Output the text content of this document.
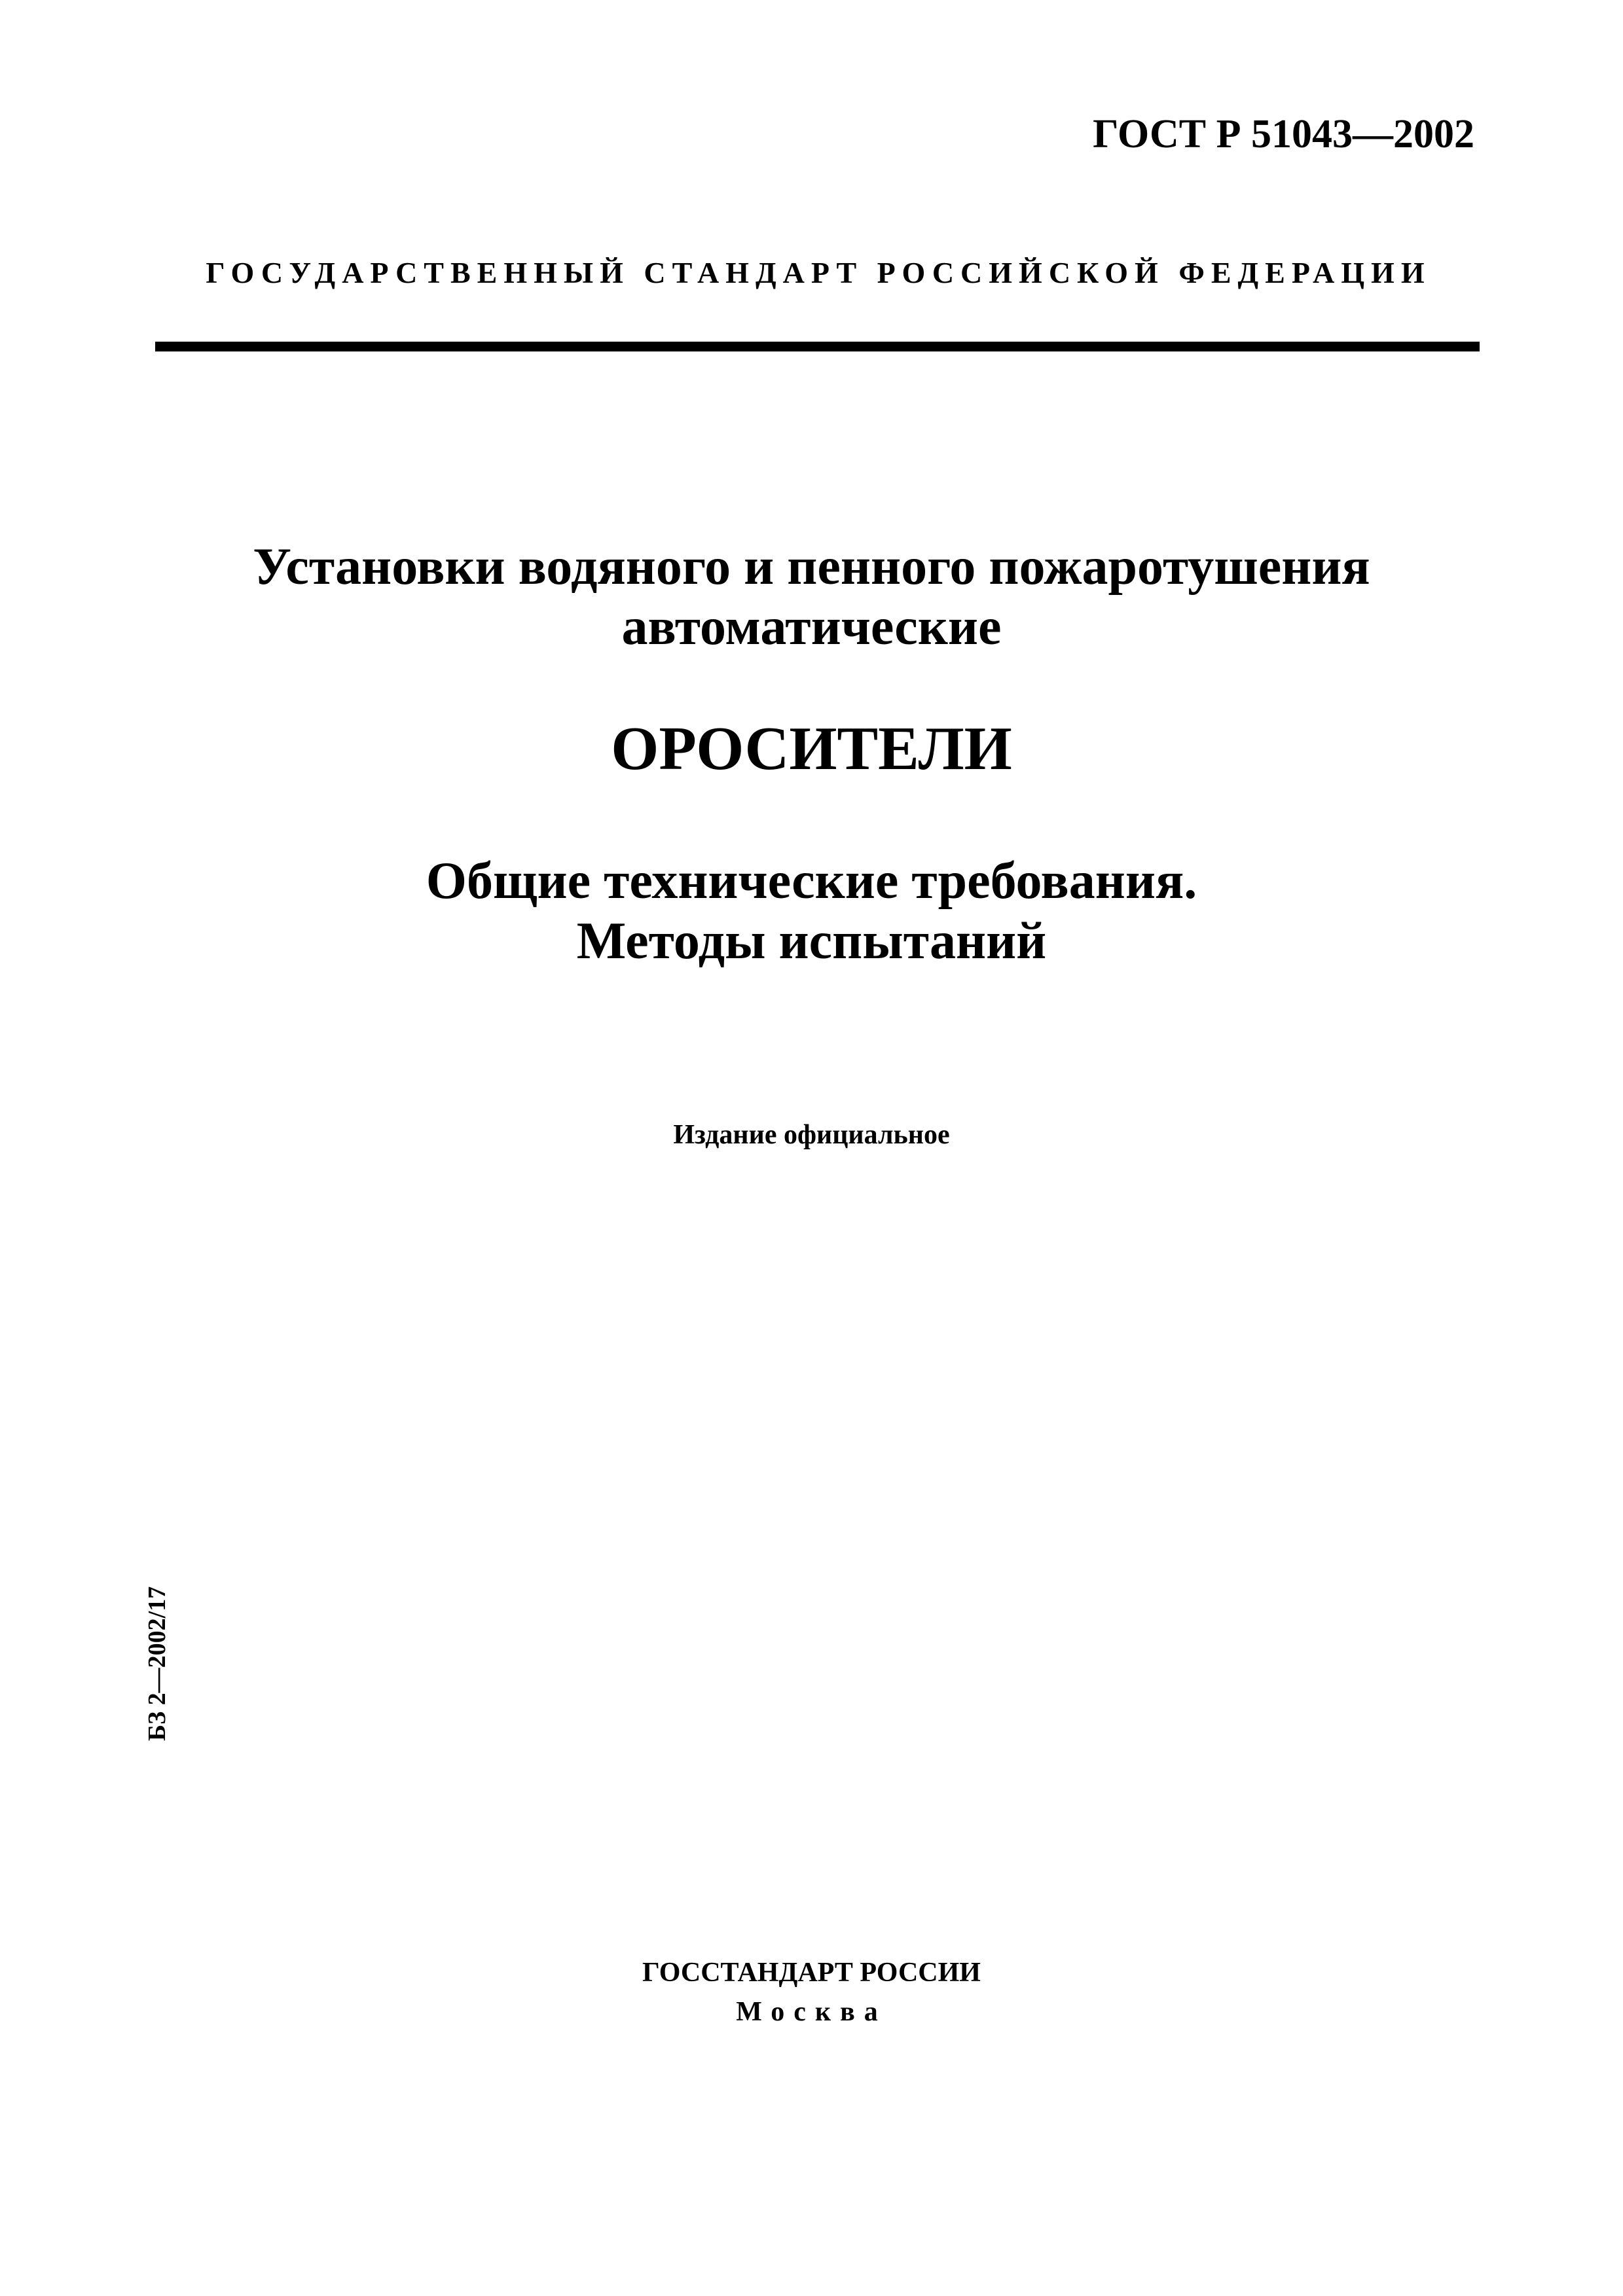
ГОСТ Р 51043—2002
ГОСУДАРСТВЕННЫЙ СТАНДАРТ РОССИЙСКОЙ ФЕДЕРАЦИИ
Установки водяного и пенного пожаротушения
автоматические
ОРОСИТЕЛИ
Общие технические требования.
Методы испытаний
Издание официальное
БЗ 2—2002/17
ГОССТАНДАРТ РОССИИ
Москва
